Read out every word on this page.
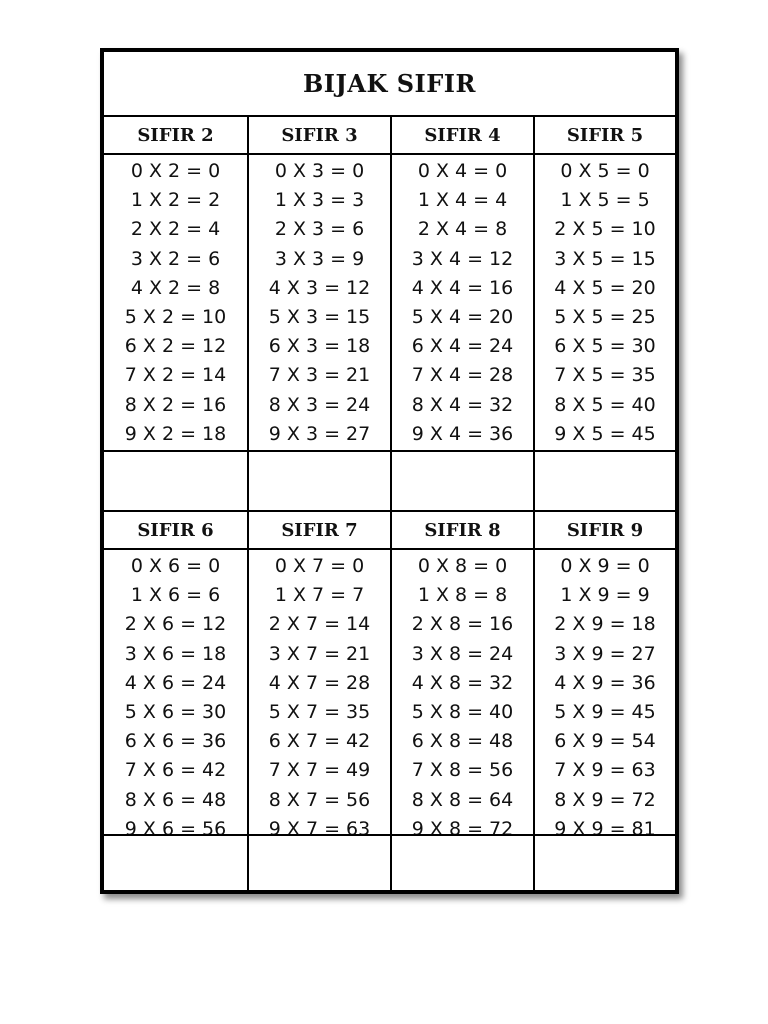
BIJAK SIFIR
SIFIR 2
0 X 2 = 0
1 X 2 = 2
2 X 2 = 4
3 X 2 = 6
4 X 2 = 8
5 X 2 = 10
6 X 2 = 12
7 X 2 = 14
8 X 2 = 16
9 X 2 = 18
SIFIR 3
0 X 3 = 0
1 X 3 = 3
2 X 3 = 6
3 X 3 = 9
4 X 3 = 12
5 X 3 = 15
6 X 3 = 18
7 X 3 = 21
8 X 3 = 24
9 X 3 = 27
SIFIR 4
0 X 4 = 0
1 X 4 = 4
2 X 4 = 8
3 X 4 = 12
4 X 4 = 16
5 X 4 = 20
6 X 4 = 24
7 X 4 = 28
8 X 4 = 32
9 X 4 = 36
SIFIR 5
0 X 5 = 0
1 X 5 = 5
2 X 5 = 10
3 X 5 = 15
4 X 5 = 20
5 X 5 = 25
6 X 5 = 30
7 X 5 = 35
8 X 5 = 40
9 X 5 = 45
SIFIR 6
0 X 6 = 0
1 X 6 = 6
2 X 6 = 12
3 X 6 = 18
4 X 6 = 24
5 X 6 = 30
6 X 6 = 36
7 X 6 = 42
8 X 6 = 48
9 X 6 = 56
SIFIR 7
0 X 7 = 0
1 X 7 = 7
2 X 7 = 14
3 X 7 = 21
4 X 7 = 28
5 X 7 = 35
6 X 7 = 42
7 X 7 = 49
8 X 7 = 56
9 X 7 = 63
SIFIR 8
0 X 8 = 0
1 X 8 = 8
2 X 8 = 16
3 X 8 = 24
4 X 8 = 32
5 X 8 = 40
6 X 8 = 48
7 X 8 = 56
8 X 8 = 64
9 X 8 = 72
SIFIR 9
0 X 9 = 0
1 X 9 = 9
2 X 9 = 18
3 X 9 = 27
4 X 9 = 36
5 X 9 = 45
6 X 9 = 54
7 X 9 = 63
8 X 9 = 72
9 X 9 = 81
